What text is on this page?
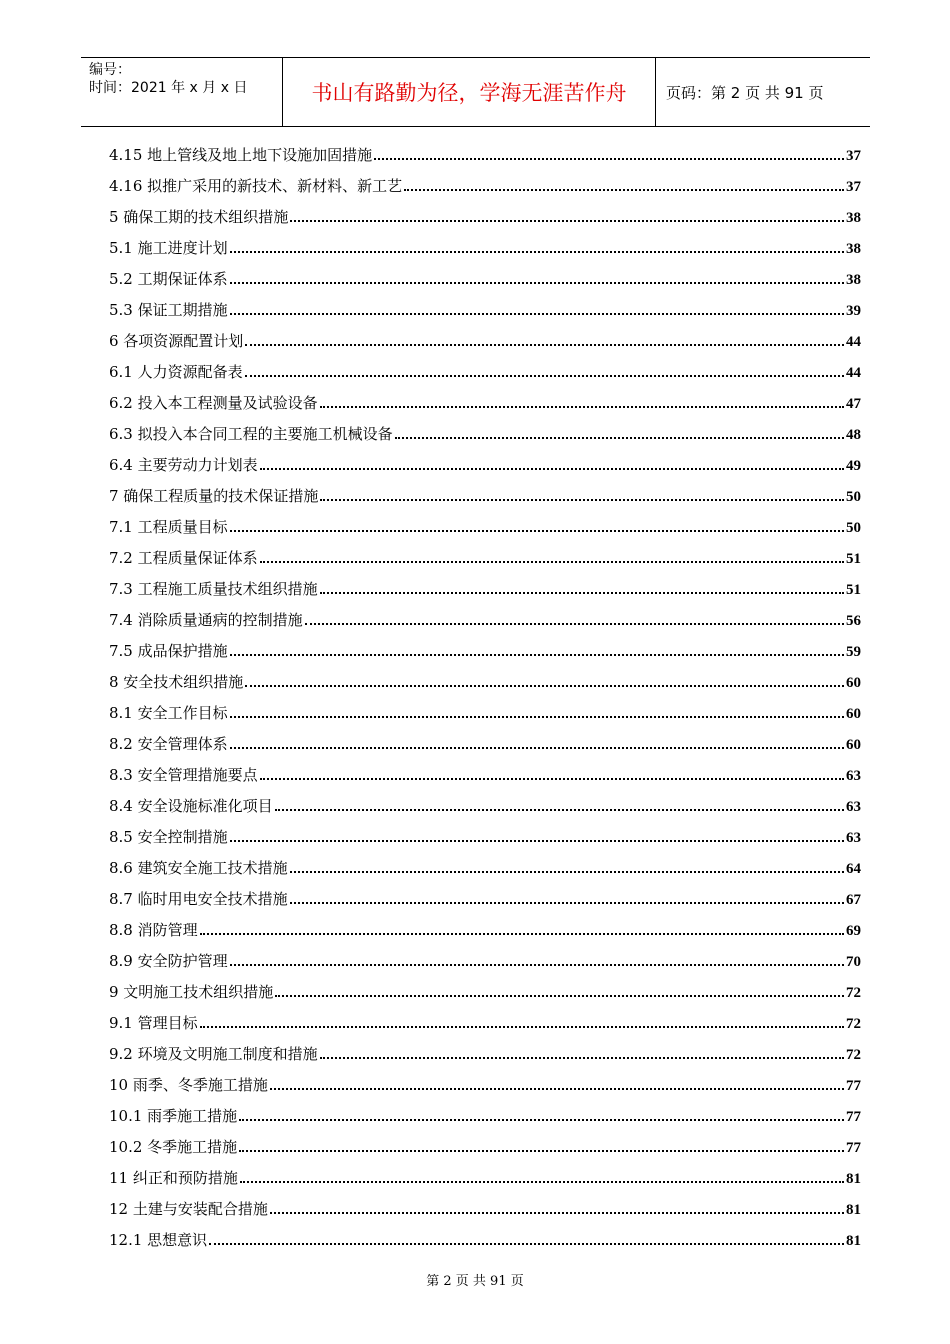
编号：
时间：2021 年 x 月 x 日	书山有路勤为径，学海无涯苦作舟	页码：第 2 页 共 91 页
4.15 地上管线及地上地下设施加固措施	37
4.16 拟推广采用的新技术、新材料、新工艺	37
5 确保工期的技术组织措施	38
5.1 施工进度计划	38
5.2 工期保证体系	38
5.3 保证工期措施	39
6 各项资源配置计划	44
6.1 人力资源配备表	44
6.2 投入本工程测量及试验设备	47
6.3 拟投入本合同工程的主要施工机械设备	48
6.4 主要劳动力计划表	49
7 确保工程质量的技术保证措施	50
7.1 工程质量目标	50
7.2 工程质量保证体系	51
7.3 工程施工质量技术组织措施	51
7.4 消除质量通病的控制措施	56
7.5 成品保护措施	59
8 安全技术组织措施	60
8.1 安全工作目标	60
8.2 安全管理体系	60
8.3 安全管理措施要点	63
8.4 安全设施标准化项目	63
8.5 安全控制措施	63
8.6 建筑安全施工技术措施	64
8.7 临时用电安全技术措施	67
8.8 消防管理	69
8.9 安全防护管理	70
9 文明施工技术组织措施	72
9.1 管理目标	72
9.2 环境及文明施工制度和措施	72
10 雨季、冬季施工措施	77
10.1 雨季施工措施	77
10.2 冬季施工措施	77
11 纠正和预防措施	81
12 土建与安装配合措施	81
12.1 思想意识	81
第 2 页 共 91 页
